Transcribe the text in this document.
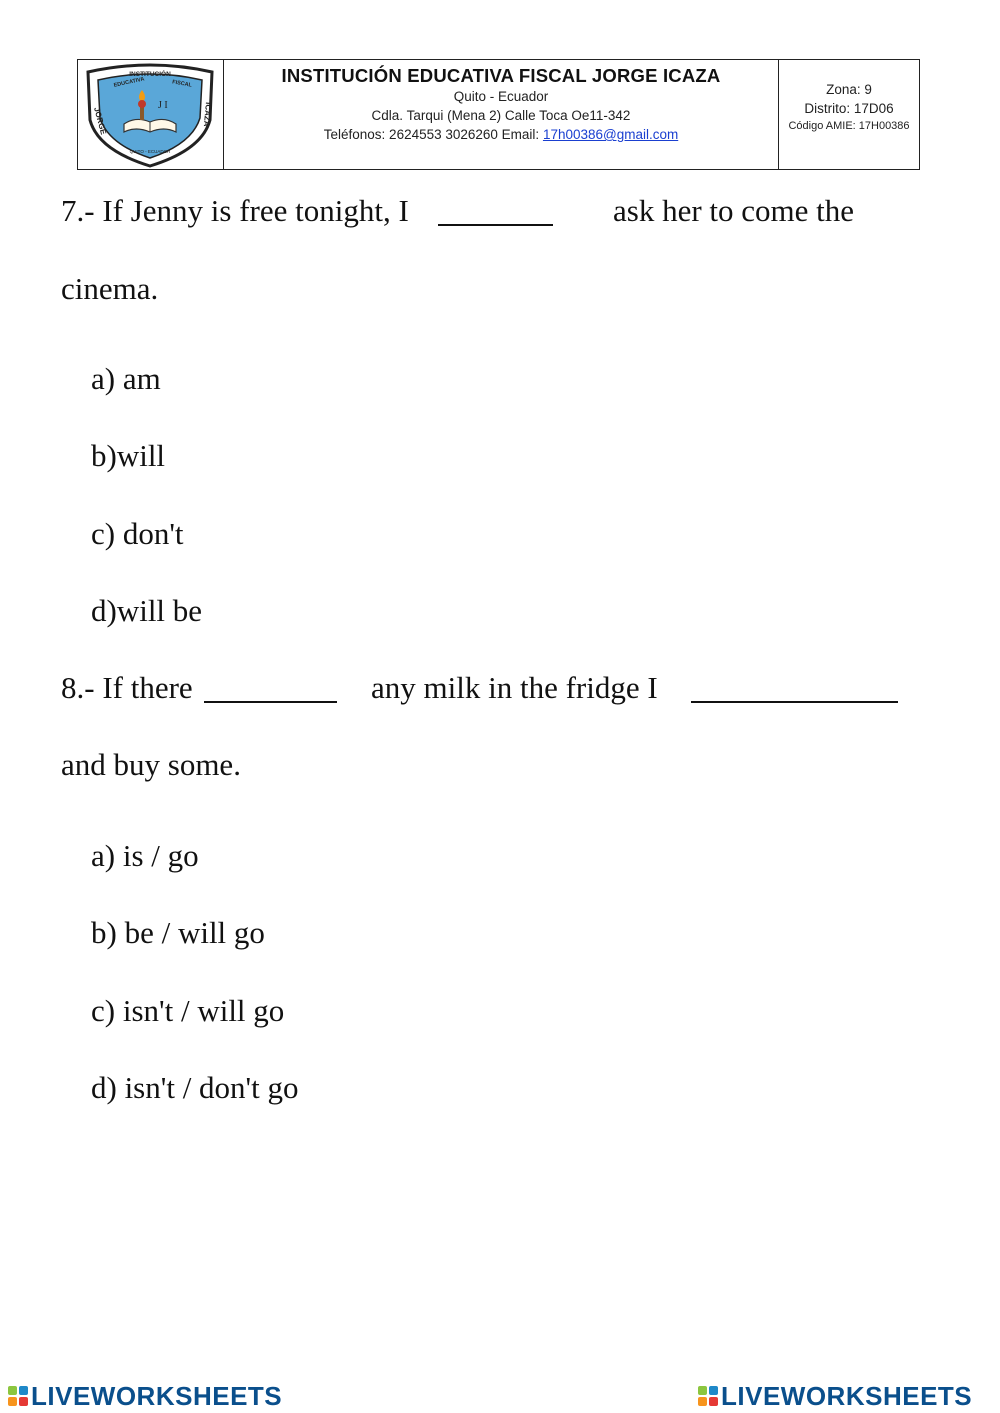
J I
INSTITUCIÓN
EDUCATIVA	FISCAL
JORGE	ICAZA
QUITO - ECUADOR
INSTITUCIÓN EDUCATIVA FISCAL JORGE ICAZA
Quito - Ecuador
Cdla. Tarqui (Mena 2) Calle Toca Oe11-342
Teléfonos: 2624553 3026260 Email: 17h00386@gmail.com
Zona: 9
Distrito: 17D06
Código AMIE: 17H00386
7.- If Jenny is free tonight, I	ask her to come the
cinema.
a) am
b)will
c) don't
d)will be
8.- If there	any milk in the fridge I
and buy some.
a) is / go
b) be / will go
c) isn't / will go
d) isn't / don't go
LIVEWORKSHEETS	LIVEWORKSHEETS
